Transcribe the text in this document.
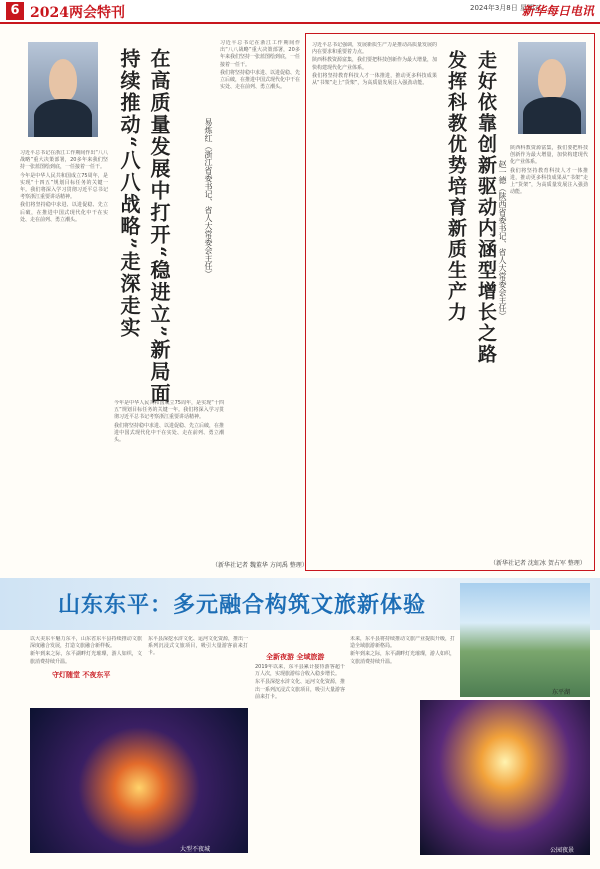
6 2024两会特刊	2024年3月8日 星期五
新华每日电讯
在高质量发展中打开“稳进立”新局面
持续推动“八八战略”走深走实	易炼红（浙江省委书记、省人大常委会主任）

习近平总书记在浙江工作期间作出“八八战略”重大决策部署，20多年来我们坚持一张蓝图绘到底，一任接着一任干。

今年是中华人民共和国成立75周年，是实现“十四五”规划目标任务的关键一年。我们将深入学习贯彻习近平总书记考察浙江重要讲话精神。

我们将坚持稳中求进、以进促稳、先立后破，在推进中国式现代化中干在实处、走在前列、勇立潮头。

今年是中华人民共和国成立75周年，是实现“十四五”规划目标任务的关键一年。我们将深入学习贯彻习近平总书记考察浙江重要讲话精神。

我们将坚持稳中求进、以进促稳、先立后破，在推进中国式现代化中干在实处、走在前列、勇立潮头。

习近平总书记在浙江工作期间作出“八八战略”重大决策部署，20多年来我们坚持一张蓝图绘到底，一任接着一任干。

我们将坚持稳中求进、以进促稳、先立后破，在推进中国式现代化中干在实处、走在前列、勇立潮头。

（新华社记者 魏董华 方问禹 整理）
走好依靠创新驱动内涵型增长之路
发挥科教优势培育新质生产力	赵一德（陕西省委书记、省人大常委会主任）

习近平总书记强调，发展新质生产力是推动高质量发展的内在要求和重要着力点。

陕西科教资源富集，我们要把科技创新作为最大增量，加快构建现代化产业体系。

我们将坚持教育科技人才一体推进，推动更多科技成果从“书架”走上“货架”，为高质量发展注入强劲动能。

陕西科教资源富集，我们要把科技创新作为最大增量，加快构建现代化产业体系。

我们将坚持教育科技人才一体推进，推动更多科技成果从“书架”走上“货架”，为高质量发展注入强劲动能。

（新华社记者 沈虹冰 贺占军 整理）
山东东平：多元融合构筑文旅新体验

以大美东平魅力东平，山东省东平县持续推动文旅深度融合发展，打造文旅融合新样板。

新年到来之际，东平湖畔灯光璀璨，游人如织，文旅消费持续升温。

守灯随堂 不夜东平

东平县深挖水浒文化、运河文化资源，推出一系列沉浸式文旅项目，吸引大量游客前来打卡。	全新夜游 全域旅游

2019年以来，东平县累计接待游客超千万人次，实现旅游综合收入稳步增长。

东平县深挖水浒文化、运河文化资源，推出一系列沉浸式文旅项目，吸引大量游客前来打卡。

未来，东平县将持续推动文旅产业提质升级，打造全域旅游新格局。

新年到来之际，东平湖畔灯光璀璨，游人如织，文旅消费持续升温。

东平湖
大型不夜城	公园夜景
